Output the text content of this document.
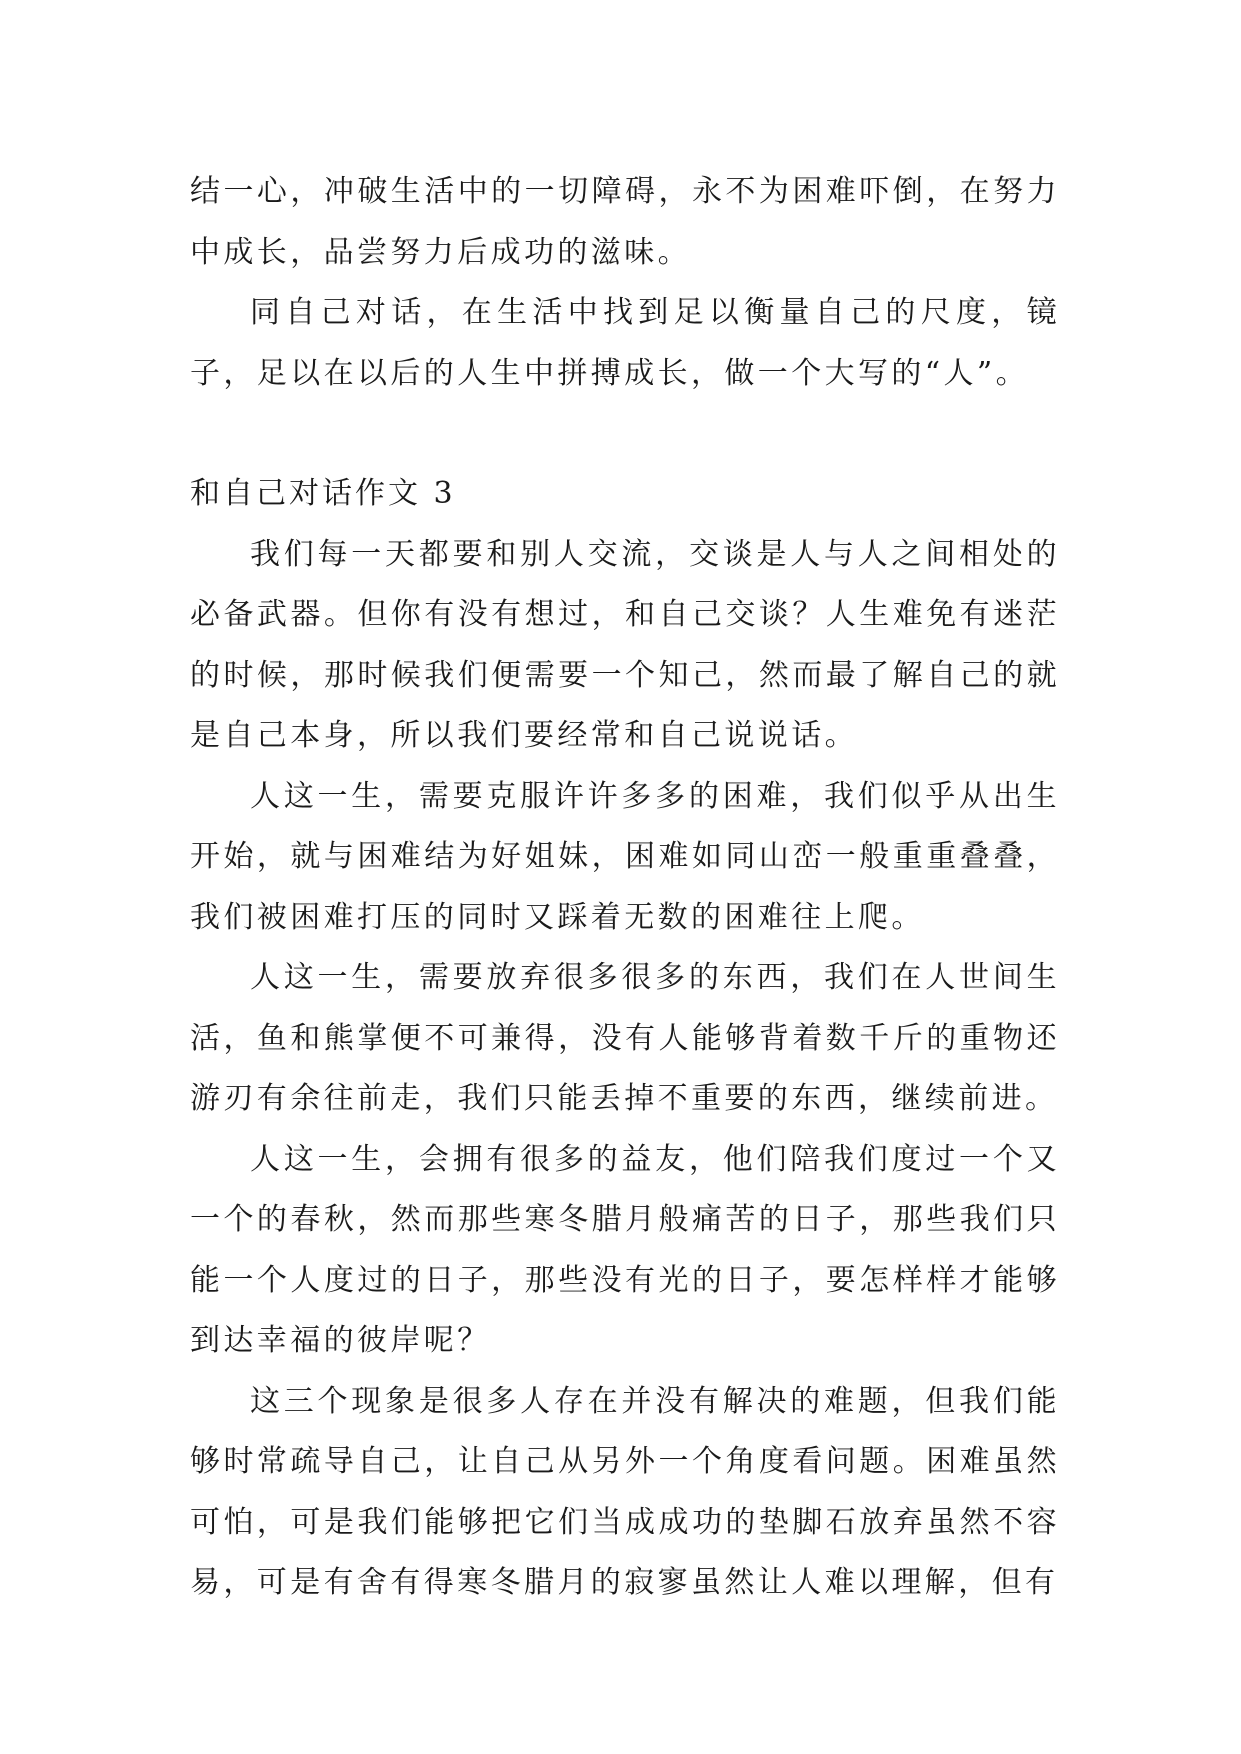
结一心，冲破生活中的一切障碍，永不为困难吓倒，在努力中成长，品尝努力后成功的滋味。

同自己对话，在生活中找到足以衡量自己的尺度，镜子，足以在以后的人生中拼搏成长，做一个大写的“人”。

和自己对话作文 3

我们每一天都要和别人交流，交谈是人与人之间相处的必备武器。但你有没有想过，和自己交谈？人生难免有迷茫的时候，那时候我们便需要一个知己，然而最了解自己的就是自己本身，所以我们要经常和自己说说话。

人这一生，需要克服许许多多的困难，我们似乎从出生开始，就与困难结为好姐妹，困难如同山峦一般重重叠叠，我们被困难打压的同时又踩着无数的困难往上爬。

人这一生，需要放弃很多很多的东西，我们在人世间生活，鱼和熊掌便不可兼得，没有人能够背着数千斤的重物还游刃有余往前走，我们只能丢掉不重要的东西，继续前进。

人这一生，会拥有很多的益友，他们陪我们度过一个又一个的春秋，然而那些寒冬腊月般痛苦的日子，那些我们只能一个人度过的日子，那些没有光的日子，要怎样样才能够到达幸福的彼岸呢？

这三个现象是很多人存在并没有解决的难题，但我们能够时常疏导自己，让自己从另外一个角度看问题。困难虽然可怕，可是我们能够把它们当成成功的垫脚石放弃虽然不容易，可是有舍有得寒冬腊月的寂寥虽然让人难以理解，但有
